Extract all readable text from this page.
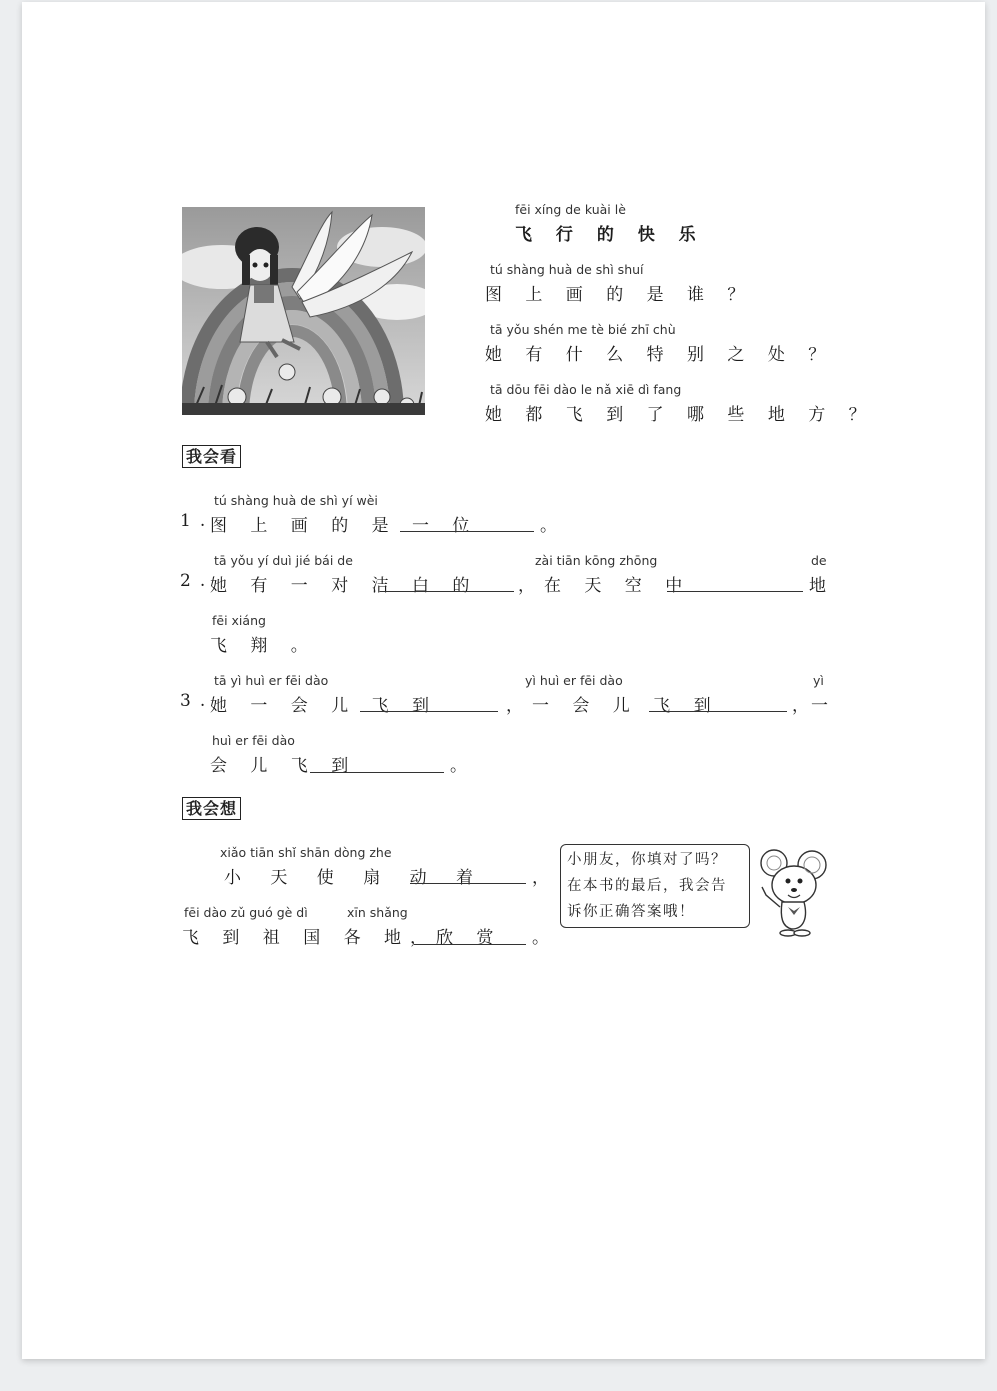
fēi xíng de kuài lè
飞 行 的 快 乐
tú shàng huà de shì shuí
图 上 画 的 是 谁 ？
tā yǒu shén me tè bié zhī chù
她 有 什 么 特 别 之 处 ？
tā dōu fēi dào le nǎ xiē dì fang
她 都 飞 到 了 哪 些 地 方 ？
我会看
tú shàng huà de shì yí wèi
1.
图 上 画 的 是 一 位	。
tā yǒu yí duì jié bái de
2.
她 有 一 对 洁 白 的
zài tiān kōng zhōng
，在 天 空 中
de
地
fēi xiáng
飞 翔 。
tā yì huì er fēi dào
3.
她 一 会 儿 飞 到
yì huì er fēi dào
，一 会 儿 飞 到
yì
，一
huì er fēi dào
会 儿 飞 到	。
我会想
xiǎo tiān shǐ shān dòng zhe
小 天 使 扇 动 着	，
fēi dào zǔ guó gè dì	xīn shǎng
飞 到 祖 国 各 地，欣 赏 。
小朋友，你填对了吗？
在本书的最后，我会告
诉你正确答案哦！
